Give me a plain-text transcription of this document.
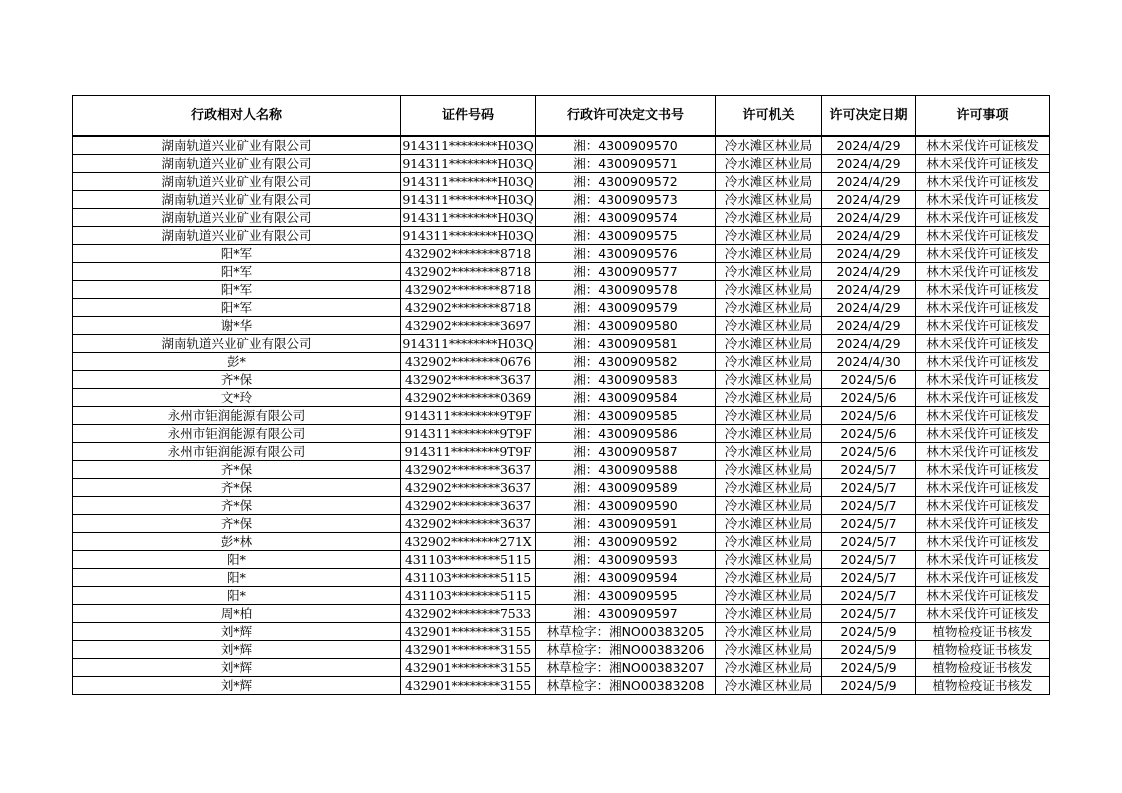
行政相对人名称	证件号码	行政许可决定文书号	许可机关	许可决定日期	许可事项
湖南轨道兴业矿业有限公司	914311********H03Q	湘：4300909570	冷水滩区林业局	2024/4/29	林木采伐许可证核发
湖南轨道兴业矿业有限公司	914311********H03Q	湘：4300909571	冷水滩区林业局	2024/4/29	林木采伐许可证核发
湖南轨道兴业矿业有限公司	914311********H03Q	湘：4300909572	冷水滩区林业局	2024/4/29	林木采伐许可证核发
湖南轨道兴业矿业有限公司	914311********H03Q	湘：4300909573	冷水滩区林业局	2024/4/29	林木采伐许可证核发
湖南轨道兴业矿业有限公司	914311********H03Q	湘：4300909574	冷水滩区林业局	2024/4/29	林木采伐许可证核发
湖南轨道兴业矿业有限公司	914311********H03Q	湘：4300909575	冷水滩区林业局	2024/4/29	林木采伐许可证核发
阳*军	432902********8718	湘：4300909576	冷水滩区林业局	2024/4/29	林木采伐许可证核发
阳*军	432902********8718	湘：4300909577	冷水滩区林业局	2024/4/29	林木采伐许可证核发
阳*军	432902********8718	湘：4300909578	冷水滩区林业局	2024/4/29	林木采伐许可证核发
阳*军	432902********8718	湘：4300909579	冷水滩区林业局	2024/4/29	林木采伐许可证核发
谢*华	432902********3697	湘：4300909580	冷水滩区林业局	2024/4/29	林木采伐许可证核发
湖南轨道兴业矿业有限公司	914311********H03Q	湘：4300909581	冷水滩区林业局	2024/4/29	林木采伐许可证核发
彭*	432902********0676	湘：4300909582	冷水滩区林业局	2024/4/30	林木采伐许可证核发
齐*保	432902********3637	湘：4300909583	冷水滩区林业局	2024/5/6	林木采伐许可证核发
文*玲	432902********0369	湘：4300909584	冷水滩区林业局	2024/5/6	林木采伐许可证核发
永州市钜润能源有限公司	914311********9T9F	湘：4300909585	冷水滩区林业局	2024/5/6	林木采伐许可证核发
永州市钜润能源有限公司	914311********9T9F	湘：4300909586	冷水滩区林业局	2024/5/6	林木采伐许可证核发
永州市钜润能源有限公司	914311********9T9F	湘：4300909587	冷水滩区林业局	2024/5/6	林木采伐许可证核发
齐*保	432902********3637	湘：4300909588	冷水滩区林业局	2024/5/7	林木采伐许可证核发
齐*保	432902********3637	湘：4300909589	冷水滩区林业局	2024/5/7	林木采伐许可证核发
齐*保	432902********3637	湘：4300909590	冷水滩区林业局	2024/5/7	林木采伐许可证核发
齐*保	432902********3637	湘：4300909591	冷水滩区林业局	2024/5/7	林木采伐许可证核发
彭*林	432902********271X	湘：4300909592	冷水滩区林业局	2024/5/7	林木采伐许可证核发
阳*	431103********5115	湘：4300909593	冷水滩区林业局	2024/5/7	林木采伐许可证核发
阳*	431103********5115	湘：4300909594	冷水滩区林业局	2024/5/7	林木采伐许可证核发
阳*	431103********5115	湘：4300909595	冷水滩区林业局	2024/5/7	林木采伐许可证核发
周*柏	432902********7533	湘：4300909597	冷水滩区林业局	2024/5/7	林木采伐许可证核发
刘*辉	432901********3155	林草检字：湘NO00383205	冷水滩区林业局	2024/5/9	植物检疫证书核发
刘*辉	432901********3155	林草检字：湘NO00383206	冷水滩区林业局	2024/5/9	植物检疫证书核发
刘*辉	432901********3155	林草检字：湘NO00383207	冷水滩区林业局	2024/5/9	植物检疫证书核发
刘*辉	432901********3155	林草检字：湘NO00383208	冷水滩区林业局	2024/5/9	植物检疫证书核发
